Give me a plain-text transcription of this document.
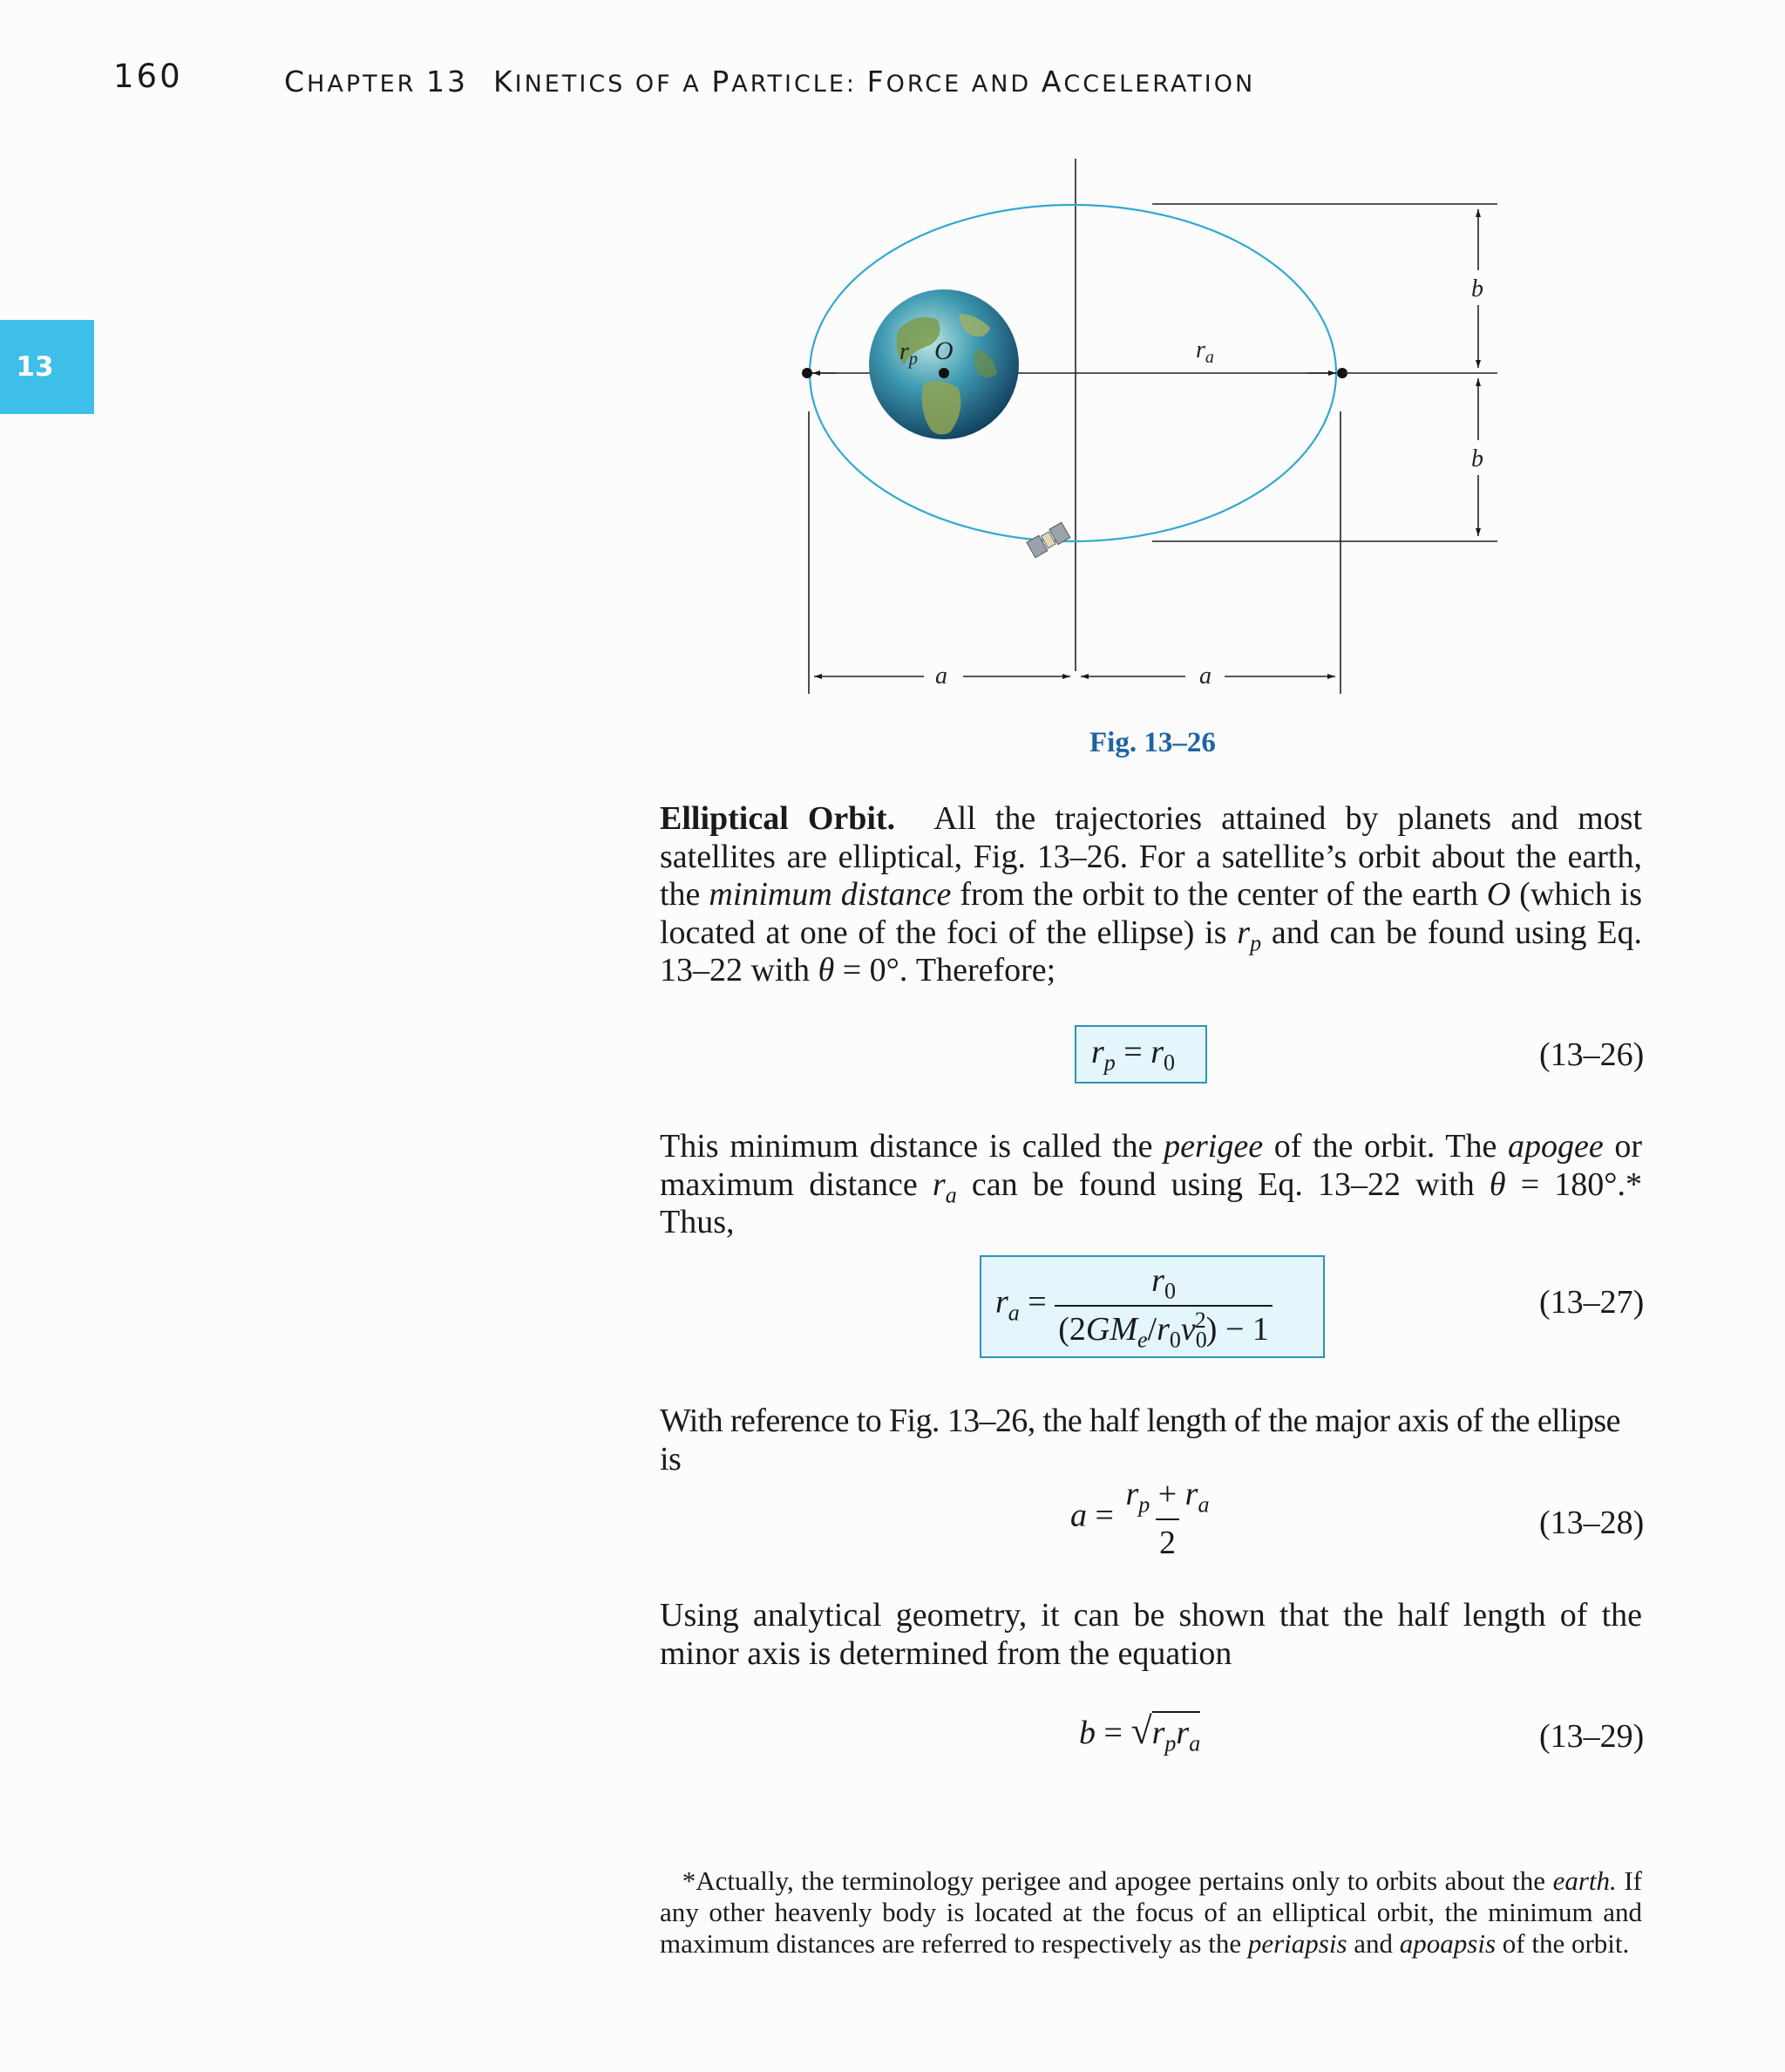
160	CHAPTER 13 KINETICS OF A PARTICLE: FORCE AND ACCELERATION
13	$r_p$ O	$r_a$
b
b
a	a
Fig. 13–26
Elliptical Orbit. All the trajectories attained by planets and most satellites are elliptical, Fig. 13–26. For a satellite’s orbit about the earth, the minimum distance from the orbit to the center of the earth O (which is located at one of the foci of the ellipse) is $r_p$ and can be found using Eq. 13–22 with θ = 0°. Therefore;
$r_p = r_0$	(13–26)
This minimum distance is called the perigee of the orbit. The apogee or maximum distance $r_a$ can be found using Eq. 13–22 with θ = 180°.* Thus,
$r_a = \frac{r_0}{(2GM_e/r_0v_0^2) - 1}$	(13–27)
With reference to Fig. 13–26, the half length of the major axis of the ellipse is
$a = \frac{r_p + r_a}{2}$	(13–28)
Using analytical geometry, it can be shown that the half length of the minor axis is determined from the equation
$b = √r_pr_a$	(13–29)
*Actually, the terminology perigee and apogee pertains only to orbits about the earth. If any other heavenly body is located at the focus of an elliptical orbit, the minimum and maximum distances are referred to respectively as the periapsis and apoapsis of the orbit.
